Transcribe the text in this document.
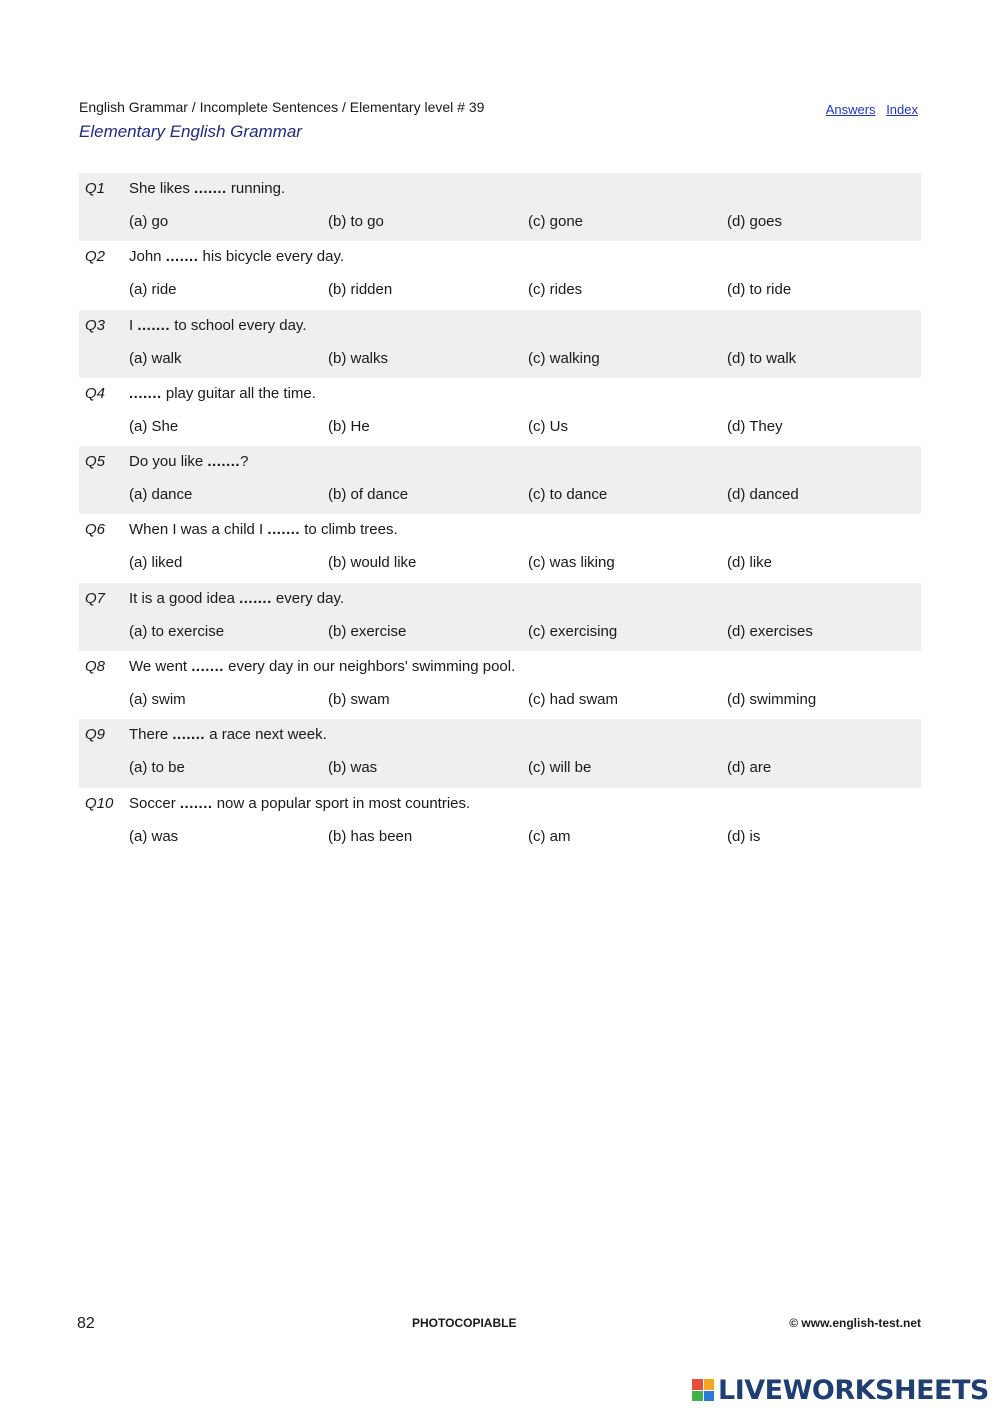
English Grammar / Incomplete Sentences / Elementary level # 39
Elementary English Grammar
Answers Index
Q1 She likes ....... running.
(a) go	(b) to go	(c) gone	(d) goes
Q2 John ....... his bicycle every day.
(a) ride	(b) ridden	(c) rides	(d) to ride
Q3 I ....... to school every day.
(a) walk	(b) walks	(c) walking	(d) to walk
Q4 ....... play guitar all the time.
(a) She	(b) He	(c) Us	(d) They
Q5 Do you like .......?
(a) dance	(b) of dance	(c) to dance	(d) danced
Q6 When I was a child I ....... to climb trees.
(a) liked	(b) would like	(c) was liking	(d) like
Q7 It is a good idea ....... every day.
(a) to exercise	(b) exercise	(c) exercising	(d) exercises
Q8 We went ....... every day in our neighbors' swimming pool.
(a) swim	(b) swam	(c) had swam	(d) swimming
Q9 There ....... a race next week.
(a) to be	(b) was	(c) will be	(d) are
Q10 Soccer ....... now a popular sport in most countries.
(a) was	(b) has been	(c) am	(d) is
82	PHOTOCOPIABLE	© www.english-test.net
LIVEWORKSHEETS
